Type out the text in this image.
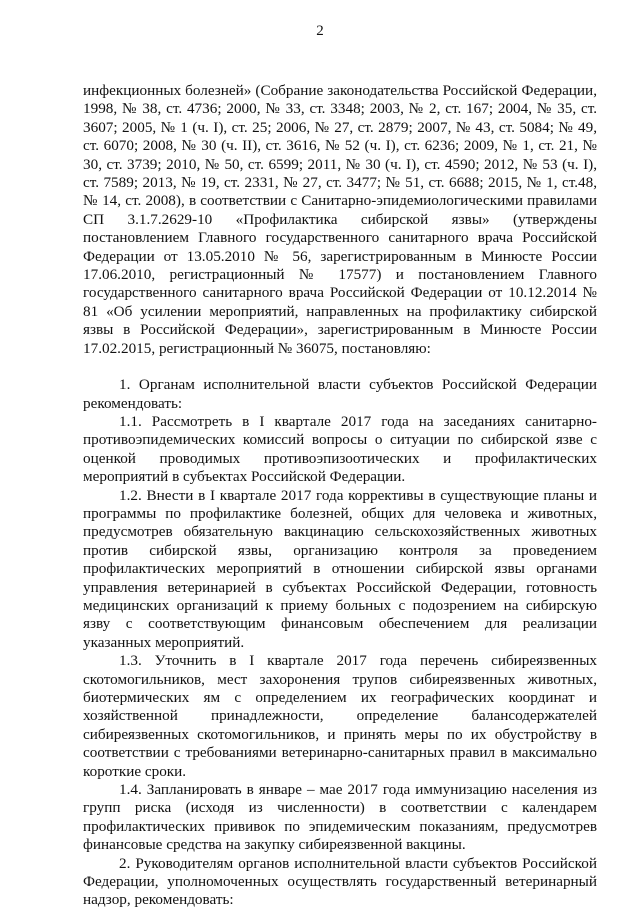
2

инфекционных болезней» (Собрание законодательства Российской Федерации, 1998, № 38, ст. 4736; 2000, № 33, ст. 3348; 2003, № 2, ст. 167; 2004, № 35, ст. 3607; 2005, № 1 (ч. I), ст. 25; 2006, № 27, ст. 2879; 2007, № 43, ст. 5084; № 49, ст. 6070; 2008, № 30 (ч. II), ст. 3616, № 52 (ч. I), ст. 6236; 2009, № 1, ст. 21, № 30, ст. 3739; 2010, № 50, ст. 6599; 2011, № 30 (ч. I), ст. 4590; 2012, № 53 (ч. I), ст. 7589; 2013, № 19, ст. 2331, № 27, ст. 3477; № 51, ст. 6688; 2015, № 1, ст.48, № 14, ст. 2008), в соответствии с Санитарно-эпидемиологическими правилами СП 3.1.7.2629-10 «Профилактика сибирской язвы» (утверждены постановлением Главного государственного санитарного врача Российской Федерации от 13.05.2010 № 56, зарегистрированным в Минюсте России 17.06.2010, регистрационный № 17577) и постановлением Главного государственного санитарного врача Российской Федерации от 10.12.2014 № 81 «Об усилении мероприятий, направленных на профилактику сибирской язвы в Российской Федерации», зарегистрированным в Минюсте России 17.02.2015, регистрационный № 36075, постановляю:

1. Органам исполнительной власти субъектов Российской Федерации рекомендовать:

1.1. Рассмотреть в I квартале 2017 года на заседаниях санитарно-противоэпидемических комиссий вопросы о ситуации по сибирской язве с оценкой проводимых противоэпизоотических и профилактических мероприятий в субъектах Российской Федерации.

1.2. Внести в I квартале 2017 года коррективы в существующие планы и программы по профилактике болезней, общих для человека и животных, предусмотрев обязательную вакцинацию сельскохозяйственных животных против сибирской язвы, организацию контроля за проведением профилактических мероприятий в отношении сибирской язвы органами управления ветеринарией в субъектах Российской Федерации, готовность медицинских организаций к приему больных с подозрением на сибирскую язву с соответствующим финансовым обеспечением для реализации указанных мероприятий.

1.3. Уточнить в I квартале 2017 года перечень сибиреязвенных скотомогильников, мест захоронения трупов сибиреязвенных животных, биотермических ям с определением их географических координат и хозяйственной принадлежности, определение балансодержателей сибиреязвенных скотомогильников, и принять меры по их обустройству в соответствии с требованиями ветеринарно-санитарных правил в максимально короткие сроки.

1.4. Запланировать в январе – мае 2017 года иммунизацию населения из групп риска (исходя из численности) в соответствии с календарем профилактических прививок по эпидемическим показаниям, предусмотрев финансовые средства на закупку сибиреязвенной вакцины.

2. Руководителям органов исполнительной власти субъектов Российской Федерации, уполномоченных осуществлять государственный ветеринарный надзор, рекомендовать:
